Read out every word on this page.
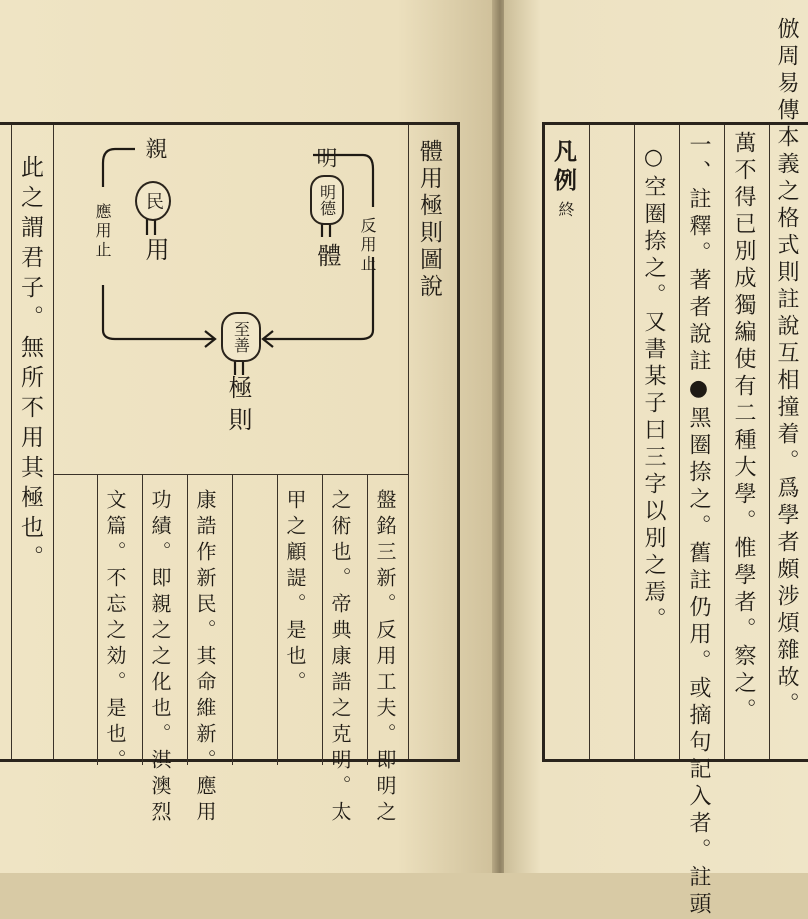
此之謂君子。無所不用其極也。	體用極則圖說
親
民
應用止 用
明
明德
反用止
體
至善
極則
盤銘三新。反用工夫。即明之
之術也。帝典康誥之克明。太
甲之顧諟。是也。
康誥作新民。其命維新。應用
功績。即親之之化也。淇澳烈
文篇。不忘之効。是也。	倣周易傳本義之格式則註說互相撞着。爲學者頗涉煩雜故。
萬不得已別成獨編使有二種大學。惟學者。察之。
一、註釋。著者說註●黑圈捺之。舊註仍用。或摘句記入者。註頭
○空圈捺之。又書某子曰三字以別之焉。
凡例
終
